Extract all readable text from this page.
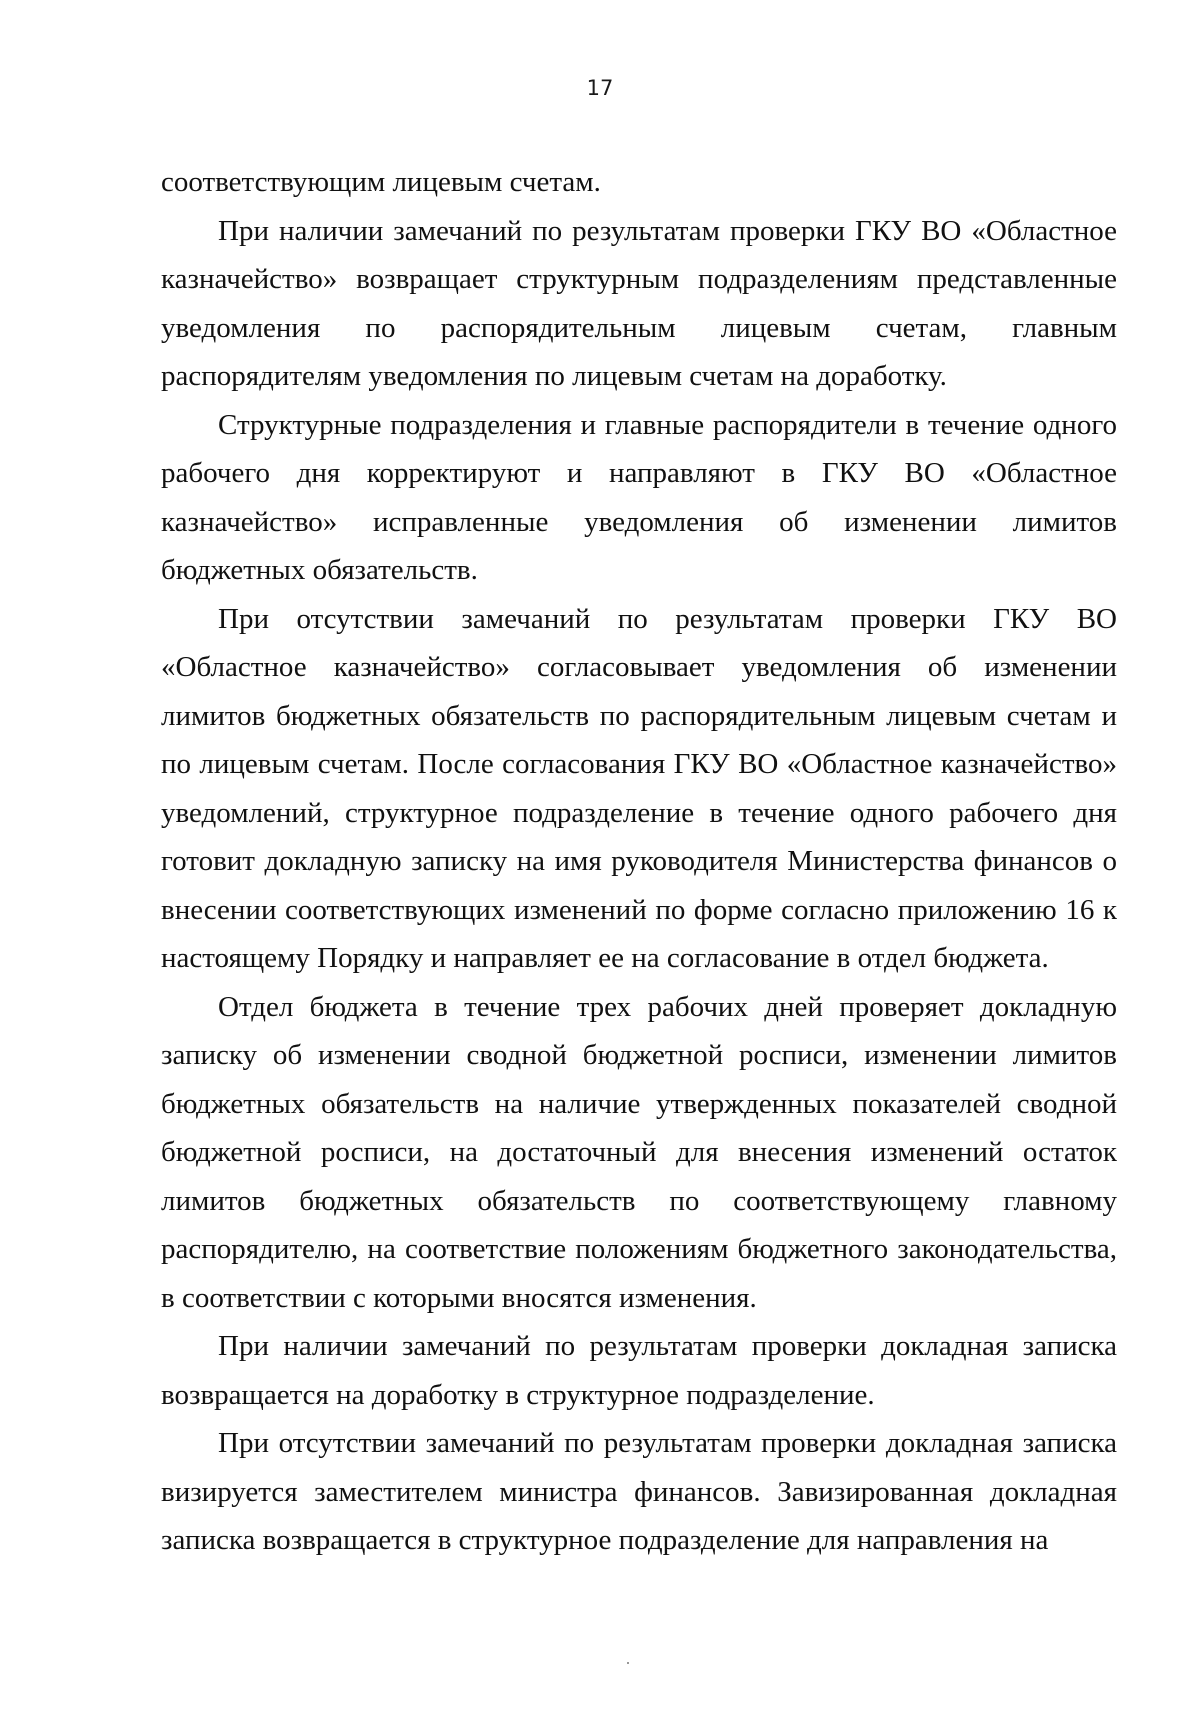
17

соответствующим лицевым счетам.

При наличии замечаний по результатам проверки ГКУ ВО «Областное казначейство» возвращает структурным подразделениям представленные уведомления по распорядительным лицевым счетам, главным распорядителям уведомления по лицевым счетам на доработку.

Структурные подразделения и главные распорядители в течение одного рабочего дня корректируют и направляют в ГКУ ВО «Областное казначейство» исправленные уведомления об изменении лимитов бюджетных обязательств.

При отсутствии замечаний по результатам проверки ГКУ ВО «Областное казначейство» согласовывает уведомления об изменении лимитов бюджетных обязательств по распорядительным лицевым счетам и по лицевым счетам. После согласования ГКУ ВО «Областное казначейство» уведомлений, структурное подразделение в течение одного рабочего дня готовит докладную записку на имя руководителя Министерства финансов о внесении соответствующих изменений по форме согласно приложению 16 к настоящему Порядку и направляет ее на согласование в отдел бюджета.

Отдел бюджета в течение трех рабочих дней проверяет докладную записку об изменении сводной бюджетной росписи, изменении лимитов бюджетных обязательств на наличие утвержденных показателей сводной бюджетной росписи, на достаточный для внесения изменений остаток лимитов бюджетных обязательств по соответствующему главному распорядителю, на соответствие положениям бюджетного законодательства, в соответствии с которыми вносятся изменения.

При наличии замечаний по результатам проверки докладная записка возвращается на доработку в структурное подразделение.

При отсутствии замечаний по результатам проверки докладная записка визируется заместителем министра финансов. Завизированная докладная записка возвращается в структурное подразделение для направления на
